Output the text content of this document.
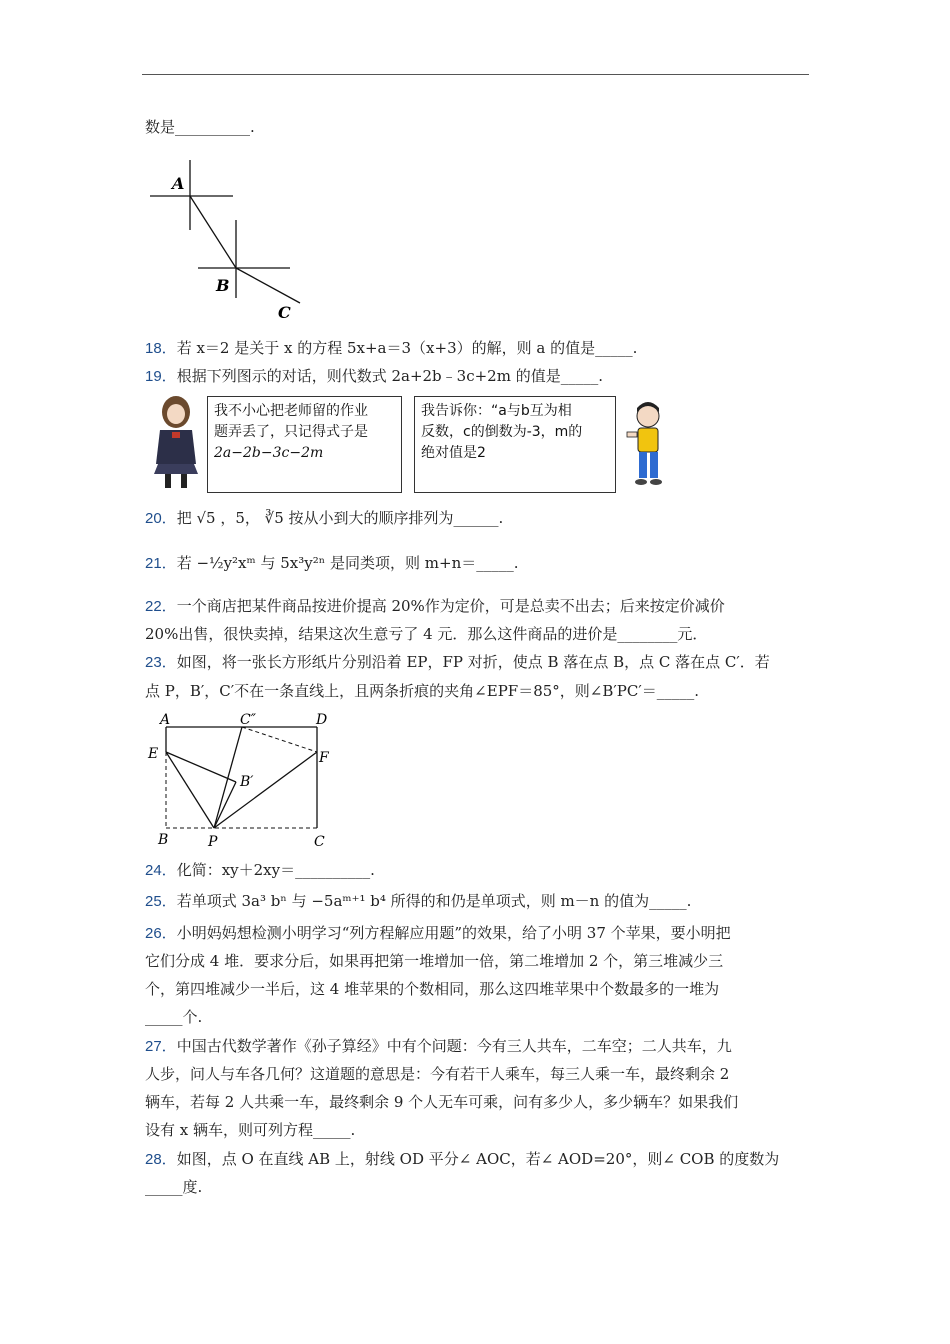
数是__________.
A
B
C
18．若 x＝2 是关于 x 的方程 5x+a＝3（x+3）的解，则 a 的值是_____.
19．根据下列图示的对话，则代数式 2a+2b﹣3c+2m 的值是_____.
我不小心把老师留的作业
题弄丢了，只记得式子是
2a−2b−3c−2m
我告诉你：“a与b互为相
反数，c的倒数为-3，m的
绝对值是2
20．把 √5 ，5， ∛5 按从小到大的顺序排列为______.
21．若 −½y²xᵐ 与 5x³y²ⁿ 是同类项，则 m+n＝_____.
22．一个商店把某件商品按进价提高 20%作为定价，可是总卖不出去；后来按定价减价
20%出售，很快卖掉，结果这次生意亏了 4 元．那么这件商品的进价是________元．
23．如图，将一张长方形纸片分别沿着 EP，FP 对折，使点 B 落在点 B，点 C 落在点 C′．若
点 P，B′，C′不在一条直线上，且两条折痕的夹角∠EPF＝85°，则∠B′PC′＝_____.
A	C″	D
E	F
B′
B	P	C
24．化简：xy＋2xy＝__________.
25．若单项式 3a³ bⁿ 与 −5aᵐ⁺¹ b⁴ 所得的和仍是单项式，则 m－n 的值为_____.
26．小明妈妈想检测小明学习“列方程解应用题”的效果，给了小明 37 个苹果，要小明把
它们分成 4 堆．要求分后，如果再把第一堆增加一倍，第二堆增加 2 个，第三堆减少三
个，第四堆减少一半后，这 4 堆苹果的个数相同，那么这四堆苹果中个数最多的一堆为
_____个.
27．中国古代数学著作《孙子算经》中有个问题：今有三人共车，二车空；二人共车，九
人步，问人与车各几何？这道题的意思是：今有若干人乘车，每三人乘一车，最终剩余 2
辆车，若每 2 人共乘一车，最终剩余 9 个人无车可乘，问有多少人，多少辆车？如果我们
设有 x 辆车，则可列方程_____.
28．如图，点 O 在直线 AB 上，射线 OD 平分∠ AOC，若∠ AOD=20°，则∠ COB 的度数为
_____度.
